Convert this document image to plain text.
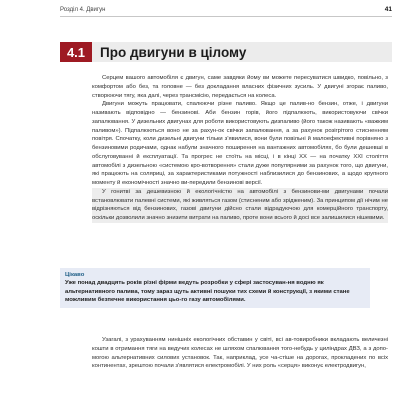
Розділ 4. Двигун	41
4.1	Про двигуни в цілому

Серцем вашого автомобіля є двигун, саме завдяки йому ви можете пересуватися швидко, повільно, з комфортом або без, та головне — без докладання власних фізичних зусиль. У двигуні згорає паливо, створюючи тягу, яка далі, через трансмісію, передається на колеса.

Двигуни можуть працювати, спалюючи різне паливо. Якщо це палив-но бензин, отже, і двигуни називають відповідно — бензинові. Аби бензин горів, його підпалюють, використовуючи свічки запалювання. У дизельних двигунах для роботи використовують дизпаливо (його також називають «важким паливом»). Підпалюються воно не за рахун-ок свічки запалювання, а за рахунок розігрітого стисненням повітря. Спочатку, коли дизельні двигуни тільки з'явилися, вони були повільні й малоефективні порівняно з бензиновими родичами, однак набули значного поширення на вантажних автомобілях, бо були дешевші в обслуговуванні й експлуатації. Та прогрес не стоїть на місці, і в кінці XX — на початку XXI століття автомобілі з дизельною «системою кро-вотворення» стали дуже популярними за рахунок того, що двигуни, які працюють на соляриці, за характеристиками потужності наблизилися до бензинових, а щодо крупного моменту й економічності значно ви-передили бензинові версії.

У гонитві за дешевизною й екологічністю на автомобілі з бензинови-ми двигунами почали встановлювати палевні системи, які живляться газом (стисненим або зрідженим). За принципом дії нічим не відрізняються від бензинових, газові двигуни дійсно стали відрадуючою для комерційного транспорту, оскільки дозволили значно знизити витрати на паливо, проте вони всього й досі все залишилися нішевими.

Цікаво
Уже понад двадцять років різні фірми ведуть розробки у сфері застосуван-ня водню як альтернативного палива, тому зараз щуть активні пошуки тих схеми й конструкції, з якими стане можливим безпечне використання цьо-го газу автомобілями.

Узагалі, з урахуванням нинішніх екологічних обставин у світі, всі ав-товиробники вкладають величезні кошти в отримання тяги на ведучих колесах не шляхом спалювання того-небудь у циліндрах ДВЗ, а з допо-могою альтернативних силових установок. Так, наприклад, усе ча-стіше на дорогах, прокладених по всіх континентах, зрештою почали з'являтися електромобілі. У них роль «серця» виконує електродвигун,
